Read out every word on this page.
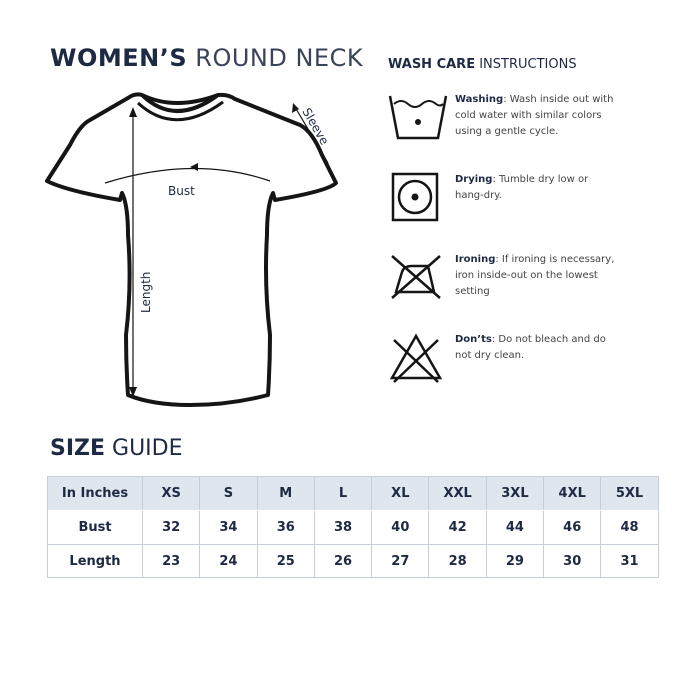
WOMEN’S ROUND NECK
Bust
Length
Sleeve
WASH CARE INSTRUCTIONS
Washing: Wash inside out with cold water with similar colors using a gentle cycle.
Drying: Tumble dry low or hang-dry.
Ironing: If ironing is necessary, iron inside-out on the lowest setting
Don’ts: Do not bleach and do not dry clean.
SIZE GUIDE
In Inches	XS	S	M	L	XL	XXL	3XL	4XL	5XL
Bust	32	34	36	38	40	42	44	46	48
Length	23	24	25	26	27	28	29	30	31
